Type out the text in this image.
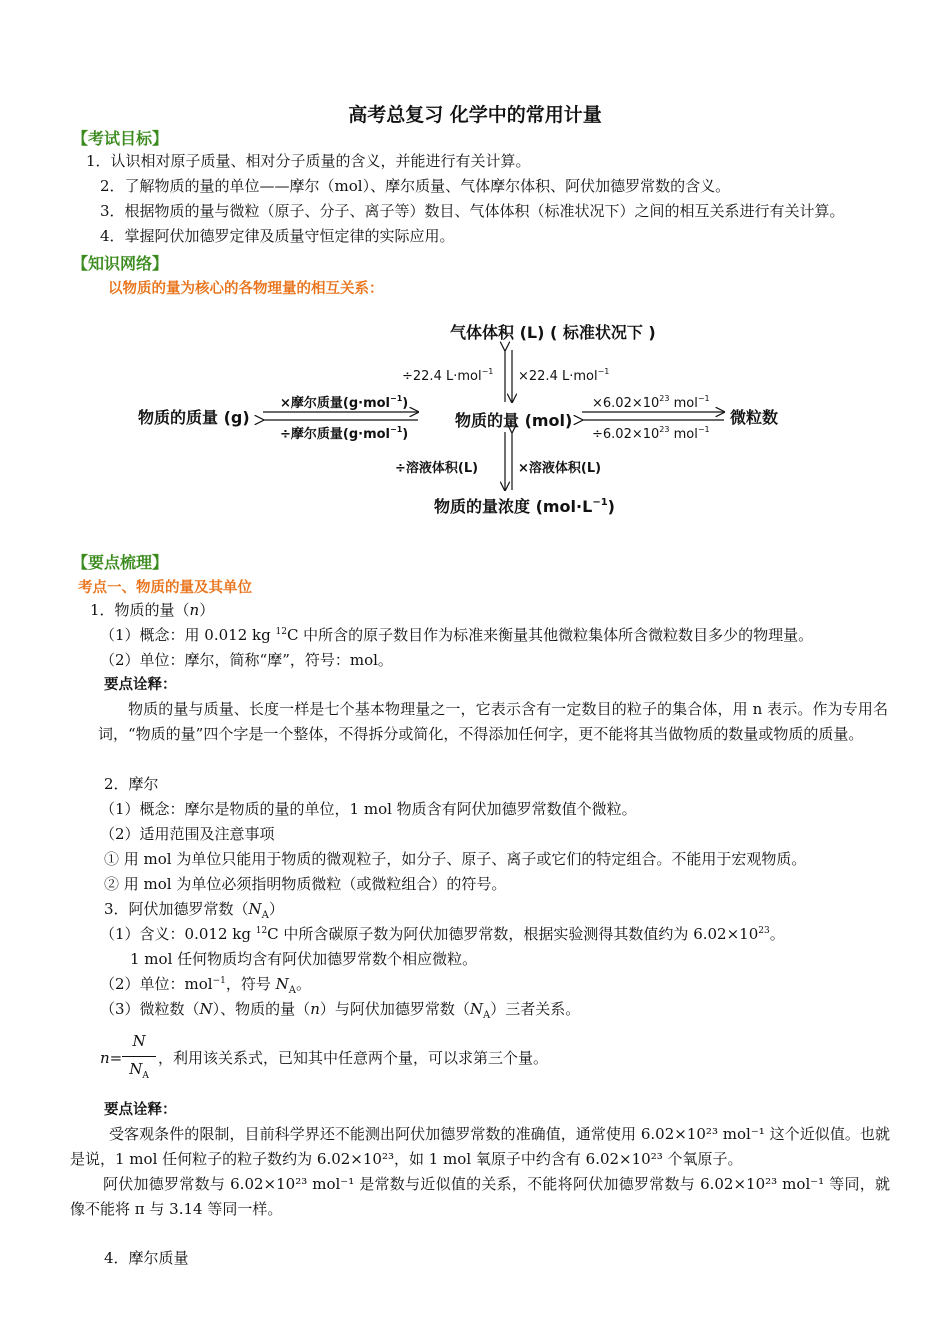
高考总复习 化学中的常用计量
【考试目标】
1．认识相对原子质量、相对分子质量的含义，并能进行有关计算。
2．了解物质的量的单位——摩尔（mol）、摩尔质量、气体摩尔体积、阿伏加德罗常数的含义。
3．根据物质的量与微粒（原子、分子、离子等）数目、气体体积（标准状况下）之间的相互关系进行有关计算。
4．掌握阿伏加德罗定律及质量守恒定律的实际应用。
【知识网络】
以物质的量为核心的各物理量的相互关系：
气体体积 (L) ( 标准状况下 )
÷22.4 L·mol$^{-1}$ ×22.4 L·mol$^{-1}$
物质的质量 (g)	物质的量 (mol)	微粒数
×摩尔质量(g·mol$^{-1}$)
÷摩尔质量(g·mol$^{-1}$)
$\times 6.02\times 10^{23}$ mol$^{-1}$
$\div 6.02\times 10^{23}$ mol$^{-1}$
÷溶液体积(L)	×溶液体积(L)
物质的量浓度 $(mol\cdot L^{-1})$
【要点梳理】
考点一、物质的量及其单位
1．物质的量（n）
（1）概念：用 0.012 kg $^{12}$C 中所含的原子数目作为标准来衡量其他微粒集体所含微粒数目多少的物理量。
（2）单位：摩尔，简称“摩”，符号：mol。
要点诠释：
物质的量与质量、长度一样是七个基本物理量之一，它表示含有一定数目的粒子的集合体，用 n 表示。作为专用名词，“物质的量”四个字是一个整体，不得拆分或简化，不得添加任何字，更不能将其当做物质的数量或物质的质量。
2．摩尔
（1）概念：摩尔是物质的量的单位，1 mol 物质含有阿伏加德罗常数值个微粒。
（2）适用范围及注意事项
① 用 mol 为单位只能用于物质的微观粒子，如分子、原子、离子或它们的特定组合。不能用于宏观物质。
② 用 mol 为单位必须指明物质微粒（或微粒组合）的符号。
3．阿伏加德罗常数$(N_A)$
（1）含义：0.012 kg $^{12}$C 中所含碳原子数为阿伏加德罗常数，根据实验测得其数值约为 $6.02\times 10^{23}$。
1 mol 任何物质均含有阿伏加德罗常数个相应微粒。
（2）单位：mol$^{-1}$，符号 $N_A$。
（3）微粒数（N）、物质的量（n）与阿伏加德罗常数$(N_A)$三者关系。
n=
N
$N_A$
，利用该关系式，已知其中任意两个量，可以求第三个量。
要点诠释：
受客观条件的限制，目前科学界还不能测出阿伏加德罗常数的准确值，通常使用 6.02×10²³ mol⁻¹ 这个近似值。也就是说，1 mol 任何粒子的粒子数约为 6.02×10²³，如 1 mol 氧原子中约含有 6.02×10²³ 个氧原子。
阿伏加德罗常数与 6.02×10²³ mol⁻¹ 是常数与近似值的关系，不能将阿伏加德罗常数与 6.02×10²³ mol⁻¹ 等同，就像不能将 π 与 3.14 等同一样。
4．摩尔质量
